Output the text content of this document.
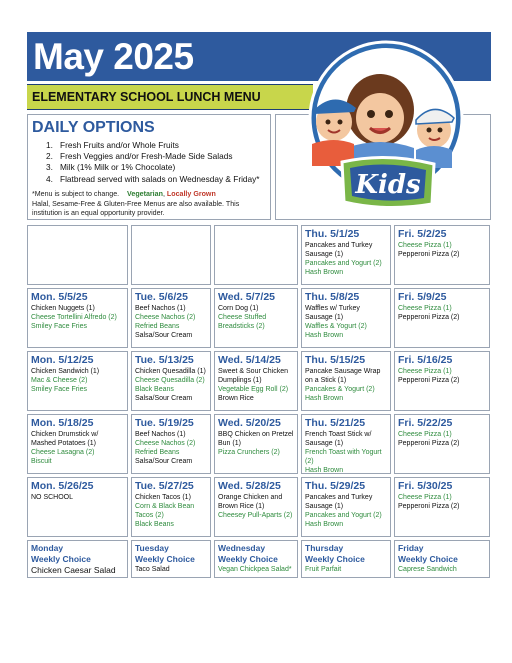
May 2025
ELEMENTARY SCHOOL LUNCH MENU
DAILY OPTIONS
1. Fresh Fruits and/or Whole Fruits
2. Fresh Veggies and/or Fresh-Made Side Salads
3. Milk (1% Milk or 1% Chocolate)
4. Flatbread served with salads on Wednesday & Friday*
*Menu is subject to change. Vegetarian, Locally Grown
Halal, Sesame-Free & Gluten-Free Menus are also available. This institution is an equal opportunity provider.
Kids
Thu. 5/1/25
Pancakes and Turkey Sausage (1)
Pancakes and Yogurt (2)
Hash Brown
Fri. 5/2/25
Cheese Pizza (1)
Pepperoni Pizza (2)
Mon. 5/5/25
Chicken Nuggets (1)
Cheese Tortellini Alfredo (2)
Smiley Face Fries
Tue. 5/6/25
Beef Nachos (1)
Cheese Nachos (2)
Refried Beans
Salsa/Sour Cream
Wed. 5/7/25
Corn Dog (1)
Cheese Stuffed Breadsticks (2)
Thu. 5/8/25
Waffles w/ Turkey Sausage (1)
Waffles & Yogurt (2)
Hash Brown
Fri. 5/9/25
Cheese Pizza (1)
Pepperoni Pizza (2)
Mon. 5/12/25
Chicken Sandwich (1)
Mac & Cheese (2)
Smiley Face Fries
Tue. 5/13/25
Chicken Quesadilla (1)
Cheese Quesadilla (2)
Black Beans
Salsa/Sour Cream
Wed. 5/14/25
Sweet & Sour Chicken Dumplings (1)
Vegetable Egg Roll (2)
Brown Rice
Thu. 5/15/25
Pancake Sausage Wrap on a Stick (1)
Pancakes & Yogurt (2)
Hash Brown
Fri. 5/16/25
Cheese Pizza (1)
Pepperoni Pizza (2)
Mon. 5/18/25
Chicken Drumstick w/ Mashed Potatoes (1)
Cheese Lasagna (2)
Biscuit
Tue. 5/19/25
Beef Nachos (1)
Cheese Nachos (2)
Refried Beans
Salsa/Sour Cream
Wed. 5/20/25
BBQ Chicken on Pretzel Bun (1)
Pizza Crunchers (2)
Thu. 5/21/25
French Toast Stick w/ Sausage (1)
French Toast with Yogurt (2)
Hash Brown
Fri. 5/22/25
Cheese Pizza (1)
Pepperoni Pizza (2)
Mon. 5/26/25
NO SCHOOL
Tue. 5/27/25
Chicken Tacos (1)
Corn & Black Bean Tacos (2)
Black Beans
Wed. 5/28/25
Orange Chicken and Brown Rice (1)
Cheesey Pull-Aparts (2)
Thu. 5/29/25
Pancakes and Turkey Sausage (1)
Pancakes and Yogurt (2)
Hash Brown
Fri. 5/30/25
Cheese Pizza (1)
Pepperoni Pizza (2)
Monday
Weekly Choice
Chicken Caesar Salad
Tuesday
Weekly Choice
Taco Salad
Wednesday
Weekly Choice
Vegan Chickpea Salad*
Thursday
Weekly Choice
Fruit Parfait
Friday
Weekly Choice
Caprese Sandwich
